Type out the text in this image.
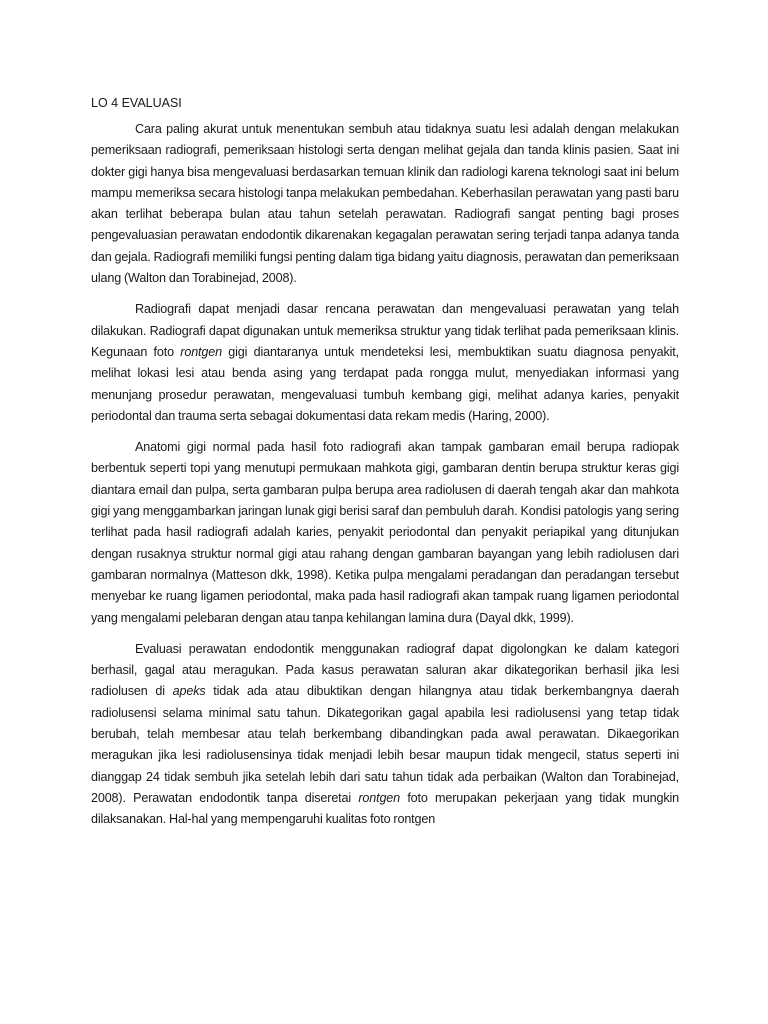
LO 4 EVALUASI

Cara paling akurat untuk menentukan sembuh atau tidaknya suatu lesi adalah dengan melakukan pemeriksaan radiografi, pemeriksaan histologi serta dengan melihat gejala dan tanda klinis pasien. Saat ini dokter gigi hanya bisa mengevaluasi berdasarkan temuan klinik dan radiologi karena teknologi saat ini belum mampu memeriksa secara histologi tanpa melakukan pembedahan. Keberhasilan perawatan yang pasti baru akan terlihat beberapa bulan atau tahun setelah perawatan. Radiografi sangat penting bagi proses pengevaluasian perawatan endodontik dikarenakan kegagalan perawatan sering terjadi tanpa adanya tanda dan gejala. Radiografi memiliki fungsi penting dalam tiga bidang yaitu diagnosis, perawatan dan pemeriksaan ulang (Walton dan Torabinejad, 2008).

Radiografi dapat menjadi dasar rencana perawatan dan mengevaluasi perawatan yang telah dilakukan. Radiografi dapat digunakan untuk memeriksa struktur yang tidak terlihat pada pemeriksaan klinis. Kegunaan foto rontgen gigi diantaranya untuk mendeteksi lesi, membuktikan suatu diagnosa penyakit, melihat lokasi lesi atau benda asing yang terdapat pada rongga mulut, menyediakan informasi yang menunjang prosedur perawatan, mengevaluasi tumbuh kembang gigi, melihat adanya karies, penyakit periodontal dan trauma serta sebagai dokumentasi data rekam medis (Haring, 2000).

Anatomi gigi normal pada hasil foto radiografi akan tampak gambaran email berupa radiopak berbentuk seperti topi yang menutupi permukaan mahkota gigi, gambaran dentin berupa struktur keras gigi diantara email dan pulpa, serta gambaran pulpa berupa area radiolusen di daerah tengah akar dan mahkota gigi yang menggambarkan jaringan lunak gigi berisi saraf dan pembuluh darah. Kondisi patologis yang sering terlihat pada hasil radiografi adalah karies, penyakit periodontal dan penyakit periapikal yang ditunjukan dengan rusaknya struktur normal gigi atau rahang dengan gambaran bayangan yang lebih radiolusen dari gambaran normalnya (Matteson dkk, 1998). Ketika pulpa mengalami peradangan dan peradangan tersebut menyebar ke ruang ligamen periodontal, maka pada hasil radiografi akan tampak ruang ligamen periodontal yang mengalami pelebaran dengan atau tanpa kehilangan lamina dura (Dayal dkk, 1999).

Evaluasi perawatan endodontik menggunakan radiograf dapat digolongkan ke dalam kategori berhasil, gagal atau meragukan. Pada kasus perawatan saluran akar dikategorikan berhasil jika lesi radiolusen di apeks tidak ada atau dibuktikan dengan hilangnya atau tidak berkembangnya daerah radiolusensi selama minimal satu tahun. Dikategorikan gagal apabila lesi radiolusensi yang tetap tidak berubah, telah membesar atau telah berkembang dibandingkan pada awal perawatan. Dikaegorikan meragukan jika lesi radiolusensinya tidak menjadi lebih besar maupun tidak mengecil, status seperti ini dianggap 24 tidak sembuh jika setelah lebih dari satu tahun tidak ada perbaikan (Walton dan Torabinejad, 2008). Perawatan endodontik tanpa diseretai rontgen foto merupakan pekerjaan yang tidak mungkin dilaksanakan. Hal-hal yang mempengaruhi kualitas foto rontgen
